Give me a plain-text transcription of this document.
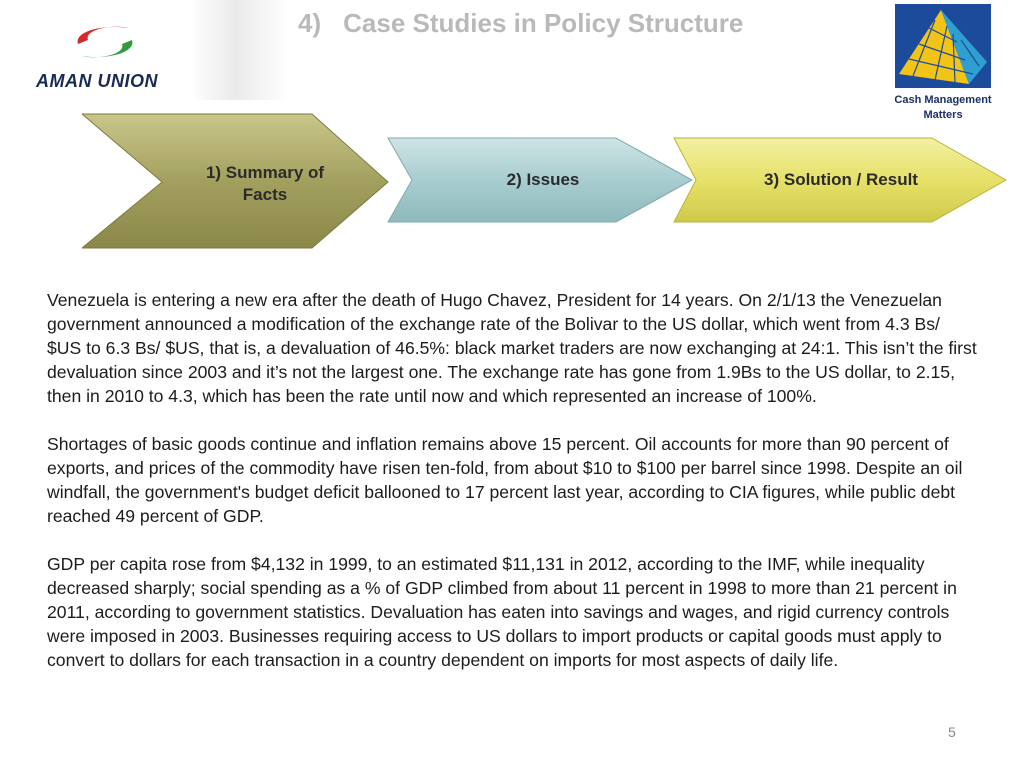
AMAN UNION
4) Case Studies in Policy Structure
Cash Management Matters
1) Summary of Facts
2) Issues	3) Solution / Result

Venezuela is entering a new era after the death of Hugo Chavez, President for 14 years. On 2/1/13 the Venezuelan government announced a modification of the exchange rate of the Bolivar to the US dollar, which went from 4.3 Bs/ $US to 6.3 Bs/ $US, that is, a devaluation of 46.5%: black market traders are now exchanging at 24:1. This isn’t the first devaluation since 2003 and it’s not the largest one. The exchange rate has gone from 1.9Bs to the US dollar, to 2.15, then in 2010 to 4.3, which has been the rate until now and which represented an increase of 100%.

Shortages of basic goods continue and inflation remains above 15 percent. Oil accounts for more than 90 percent of exports, and prices of the commodity have risen ten-fold, from about $10 to $100 per barrel since 1998. Despite an oil windfall, the government's budget deficit ballooned to 17 percent last year, according to CIA figures, while public debt reached 49 percent of GDP.

GDP per capita rose from $4,132 in 1999, to an estimated $11,131 in 2012, according to the IMF, while inequality decreased sharply; social spending as a % of GDP climbed from about 11 percent in 1998 to more than 21 percent in 2011, according to government statistics. Devaluation has eaten into savings and wages, and rigid currency controls were imposed in 2003. Businesses requiring access to US dollars to import products or capital goods must apply to convert to dollars for each transaction in a country dependent on imports for most aspects of daily life.

5
